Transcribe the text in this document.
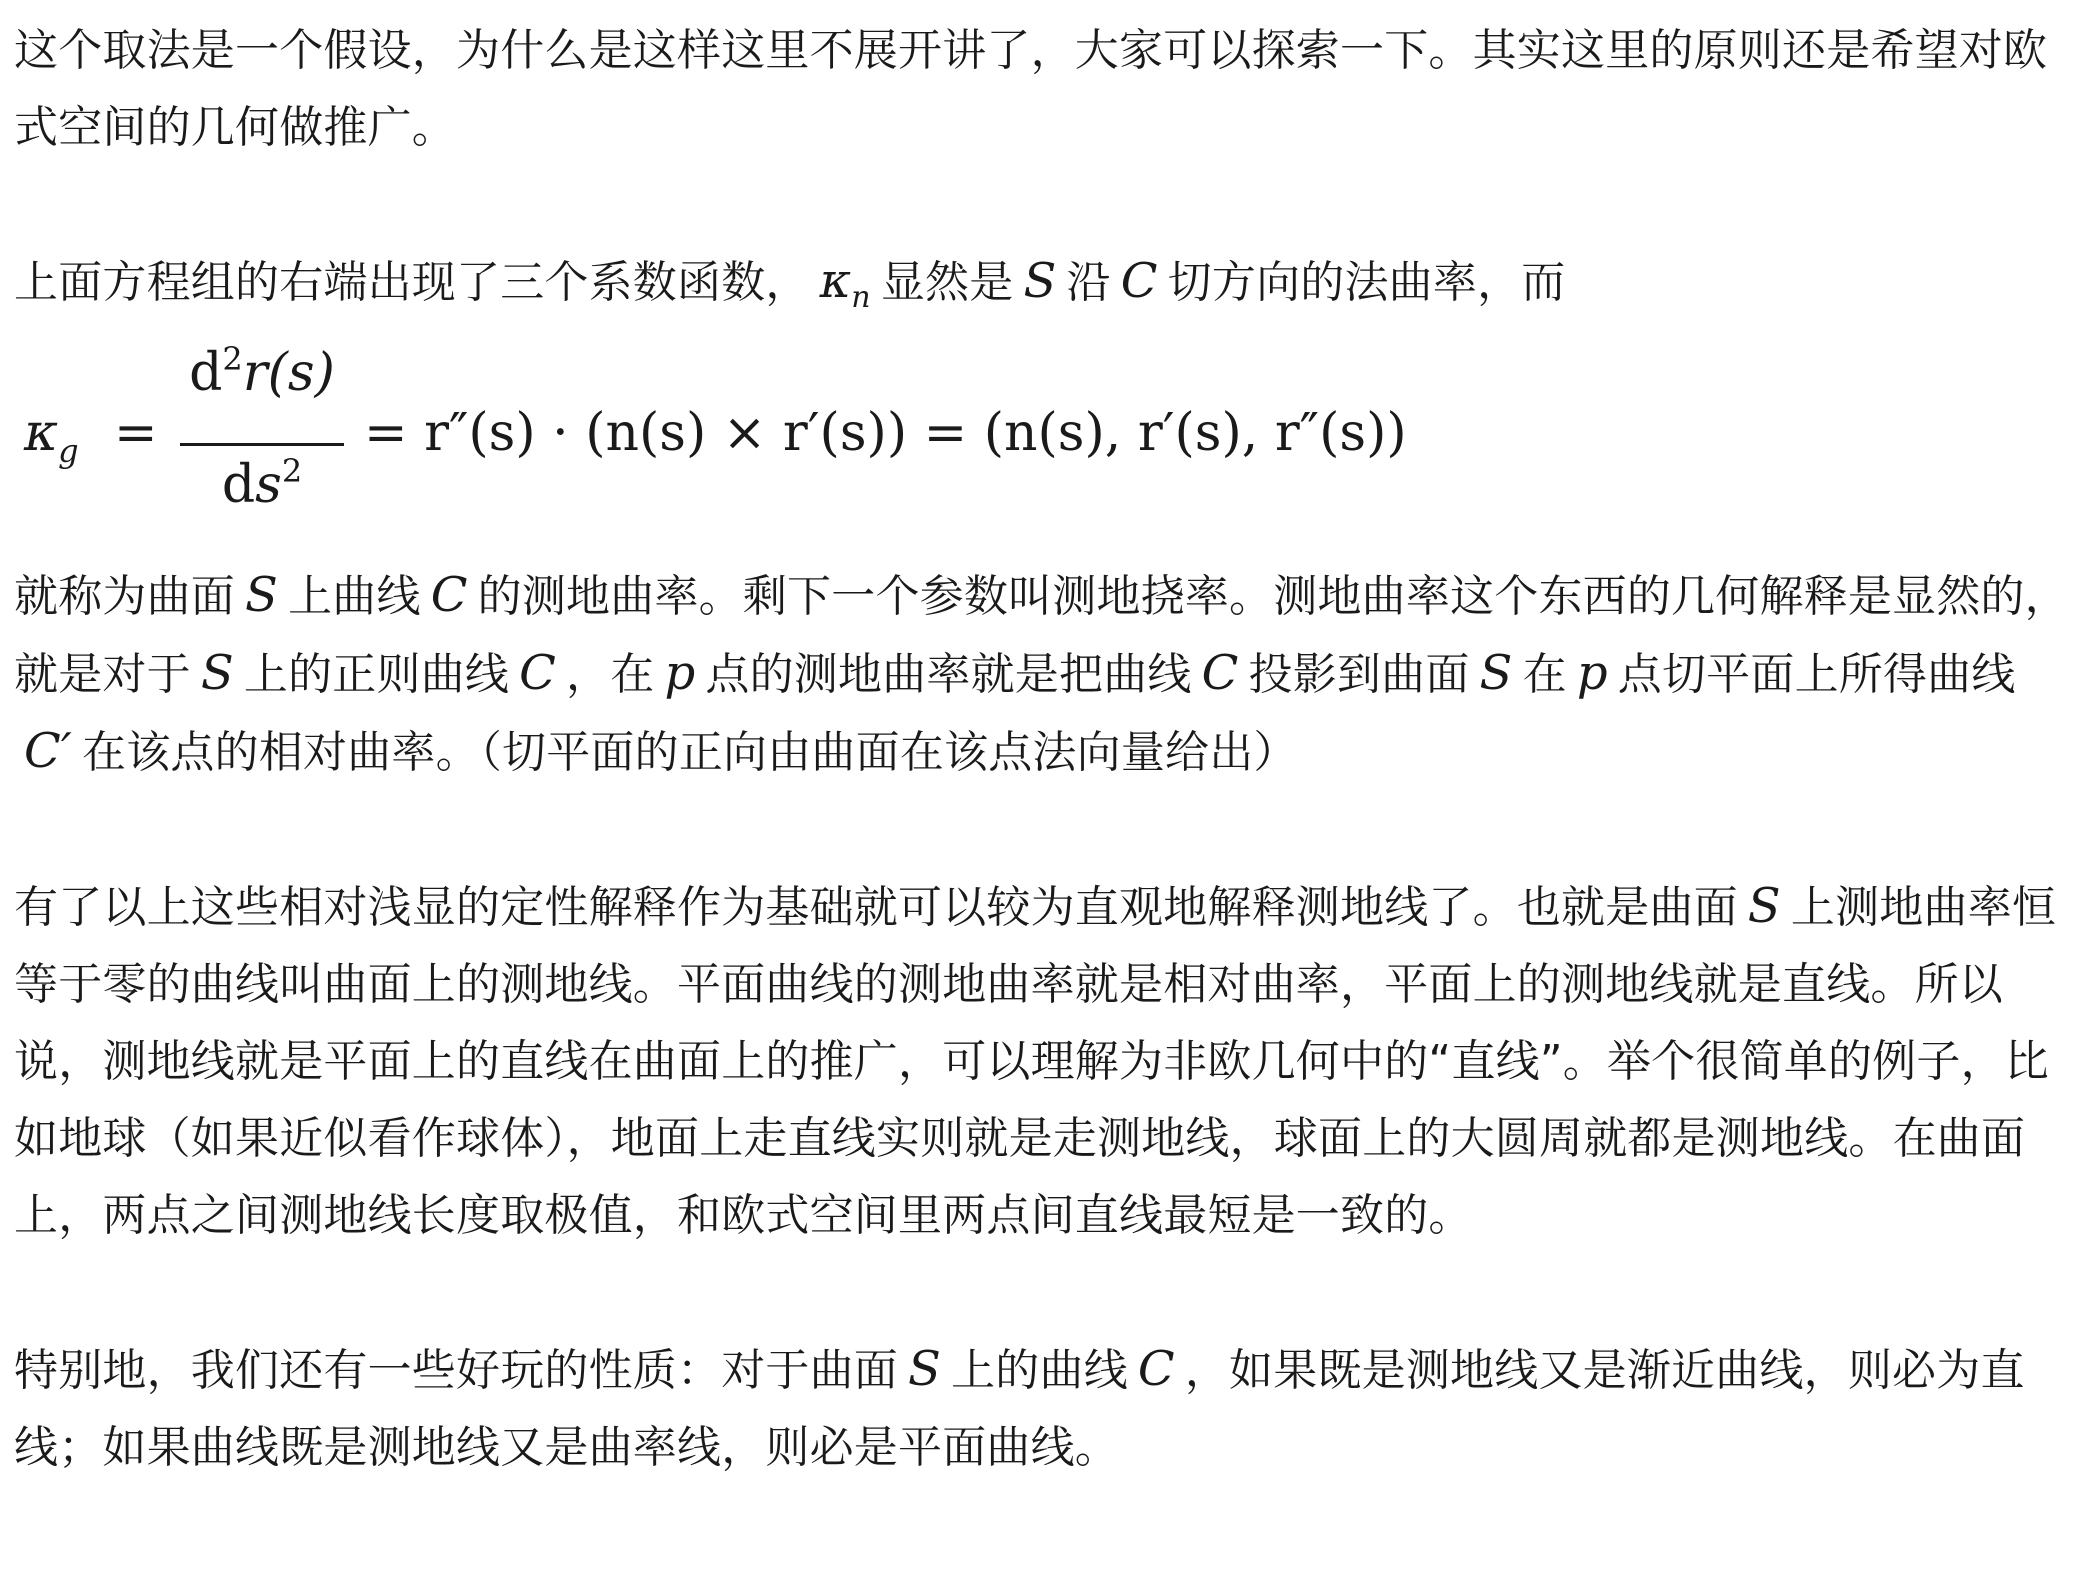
这个取法是一个假设，为什么是这样这里不展开讲了，大家可以探索一下。其实这里的原则还是希望对欧式空间的几何做推广。

上面方程组的右端出现了三个系数函数， $\kappa_n$ 显然是 S 沿 C 切方向的法曲率，而

$\kappa_g$ =
$d^2r(s)$
$ds^2$
= r″(s) · (n(s) × r′(s)) = (n(s), r′(s), r″(s))

就称为曲面 S 上曲线 C 的测地曲率。剩下一个参数叫测地挠率。测地曲率这个东西的几何解释是显然的，就是对于 S 上的正则曲线 C ，在 p 点的测地曲率就是把曲线 C 投影到曲面 S 在 p 点切平面上所得曲线C′ 在该点的相对曲率。（切平面的正向由曲面在该点法向量给出）

有了以上这些相对浅显的定性解释作为基础就可以较为直观地解释测地线了。也就是曲面 S 上测地曲率恒等于零的曲线叫曲面上的测地线。平面曲线的测地曲率就是相对曲率，平面上的测地线就是直线。所以说，测地线就是平面上的直线在曲面上的推广，可以理解为非欧几何中的“直线”。举个很简单的例子，比如地球（如果近似看作球体），地面上走直线实则就是走测地线，球面上的大圆周就都是测地线。在曲面上，两点之间测地线长度取极值，和欧式空间里两点间直线最短是一致的。

特别地，我们还有一些好玩的性质：对于曲面 S 上的曲线 C ，如果既是测地线又是渐近曲线，则必为直线；如果曲线既是测地线又是曲率线，则必是平面曲线。
